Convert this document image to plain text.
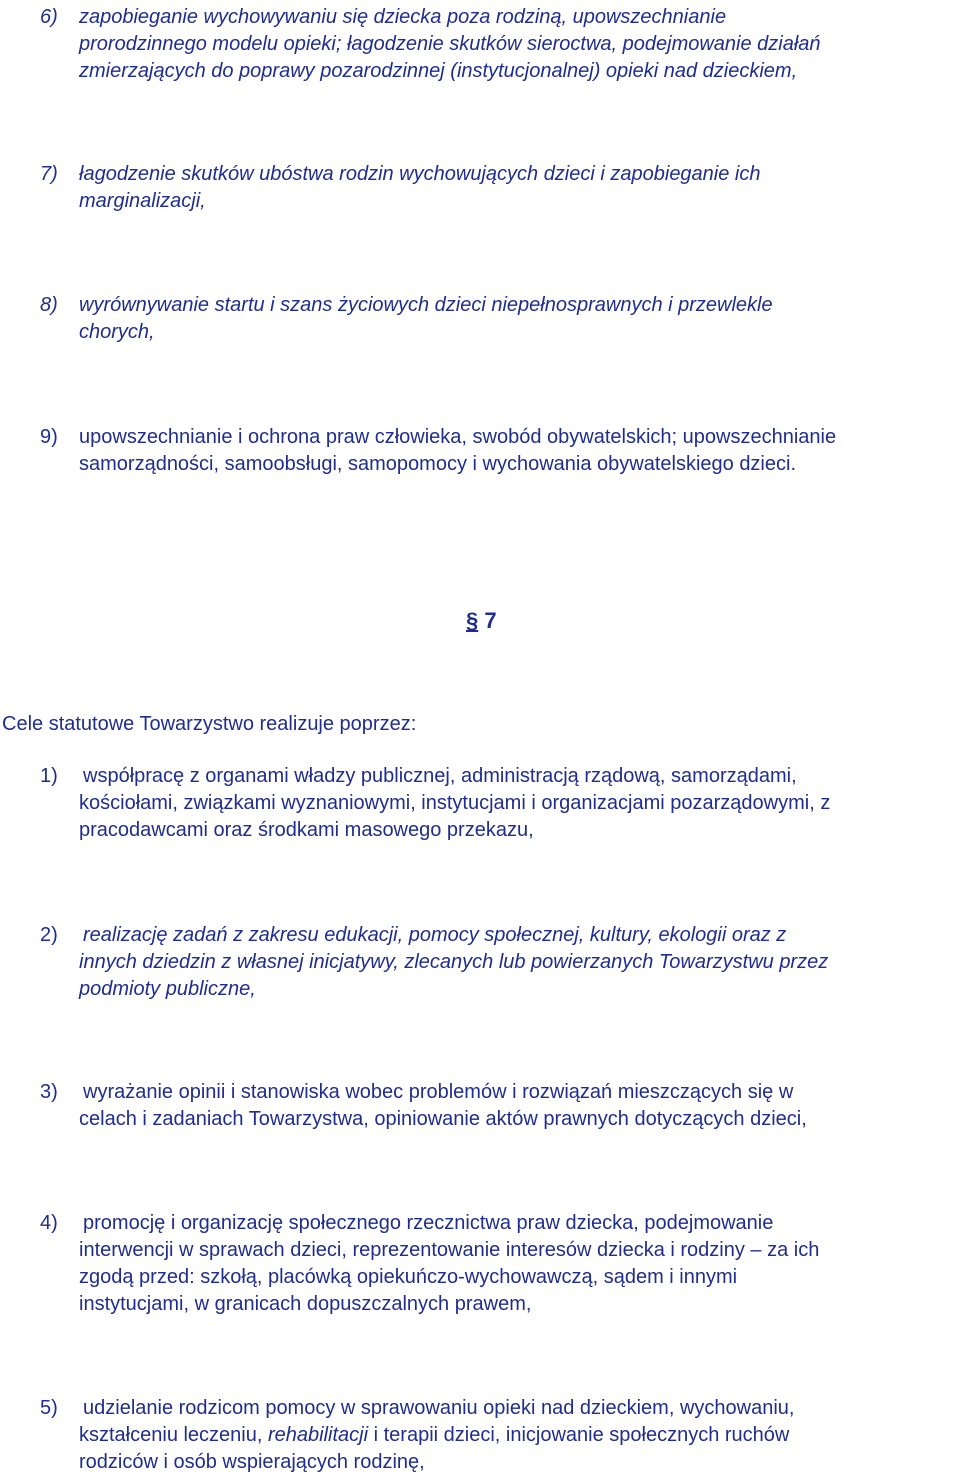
6) zapobieganie wychowywaniu się dziecka poza rodziną, upowszechnianie
prorodzinnego modelu opieki; łagodzenie skutków sieroctwa, podejmowanie działań
zmierzających do poprawy pozarodzinnej (instytucjonalnej) opieki nad dzieckiem,
7) łagodzenie skutków ubóstwa rodzin wychowujących dzieci i zapobieganie ich
marginalizacji,
8) wyrównywanie startu i szans życiowych dzieci niepełnosprawnych i przewlekle
chorych,
9) upowszechnianie i ochrona praw człowieka, swobód obywatelskich; upowszechnianie
samorządności, samoobsługi, samopomocy i wychowania obywatelskiego dzieci.
§ 7
Cele statutowe Towarzystwo realizuje poprzez:
1) współpracę z organami władzy publicznej, administracją rządową, samorządami,
kościołami, związkami wyznaniowymi, instytucjami i organizacjami pozarządowymi, z
pracodawcami oraz środkami masowego przekazu,
2) realizację zadań z zakresu edukacji, pomocy społecznej, kultury, ekologii oraz z
innych dziedzin z własnej inicjatywy, zlecanych lub powierzanych Towarzystwu przez
podmioty publiczne,
3) wyrażanie opinii i stanowiska wobec problemów i rozwiązań mieszczących się w
celach i zadaniach Towarzystwa, opiniowanie aktów prawnych dotyczących dzieci,
4) promocję i organizację społecznego rzecznictwa praw dziecka, podejmowanie
interwencji w sprawach dzieci, reprezentowanie interesów dziecka i rodziny – za ich
zgodą przed: szkołą, placówką opiekuńczo-wychowawczą, sądem i innymi
instytucjami, w granicach dopuszczalnych prawem,
5) udzielanie rodzicom pomocy w sprawowaniu opieki nad dzieckiem, wychowaniu,
kształceniu leczeniu, rehabilitacji i terapii dzieci, inicjowanie społecznych ruchów
rodziców i osób wspierających rodzinę,
